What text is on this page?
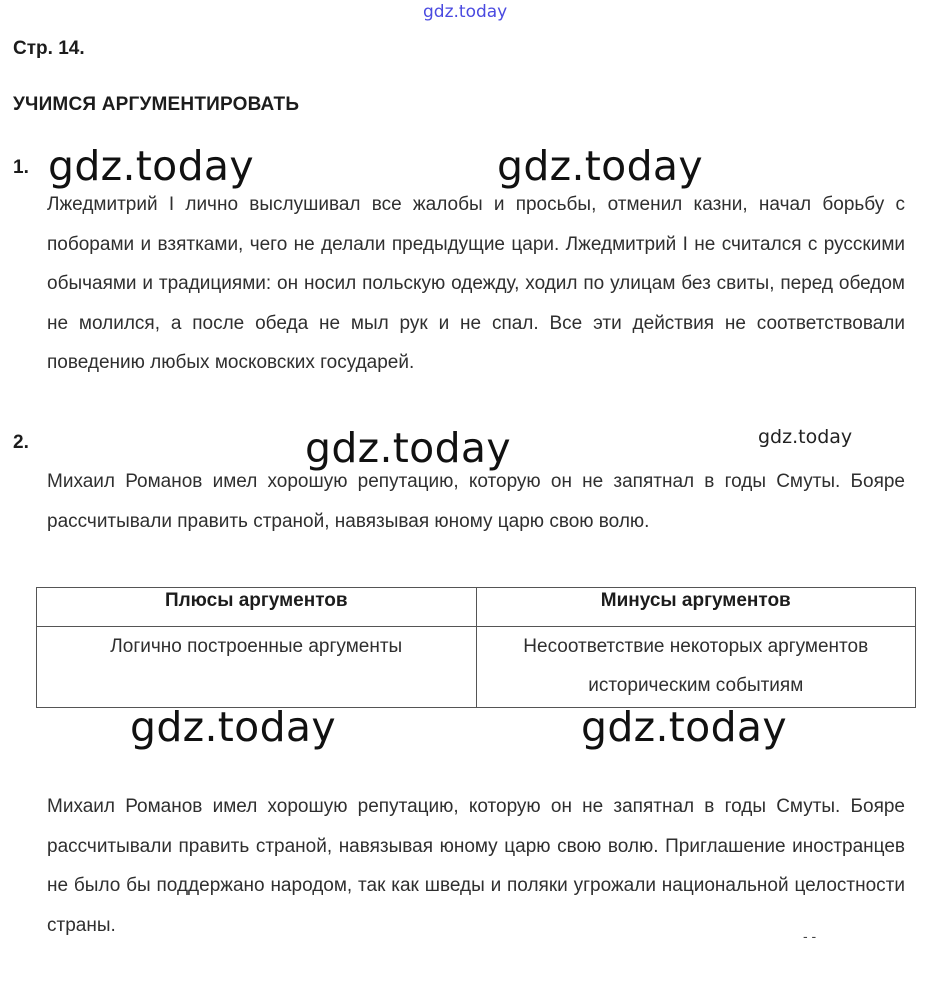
gdz.today
Стр. 14.
УЧИМСЯ АРГУМЕНТИРОВАТЬ
1. gdz.today	gdz.today

Лжедмитрий I лично выслушивал все жалобы и просьбы, отменил казни, начал борьбу с поборами и взятками, чего не делали предыдущие цари. Лжедмитрий I не считался с русскими обычаями и традициями: он носил польскую одежду, ходил по улицам без свиты, перед обедом не молился, а после обеда не мыл рук и не спал. Все эти действия не соответствовали поведению любых московских государей.

2.	gdz.today	gdz.today

Михаил Романов имел хорошую репутацию, которую он не запятнал в годы Смуты. Бояре рассчитывали править страной, навязывая юному царю свою волю.

Плюсы аргументов	Минусы аргументов
Логично построенные аргументы	Несоответствие некоторых аргументов историческим событиям
gdz.today	gdz.today

Михаил Романов имел хорошую репутацию, которую он не запятнал в годы Смуты. Бояре рассчитывали править страной, навязывая юному царю свою волю. Приглашение иностранцев не было бы поддержано народом, так как шведы и поляки угрожали национальной целостности страны.

- -
